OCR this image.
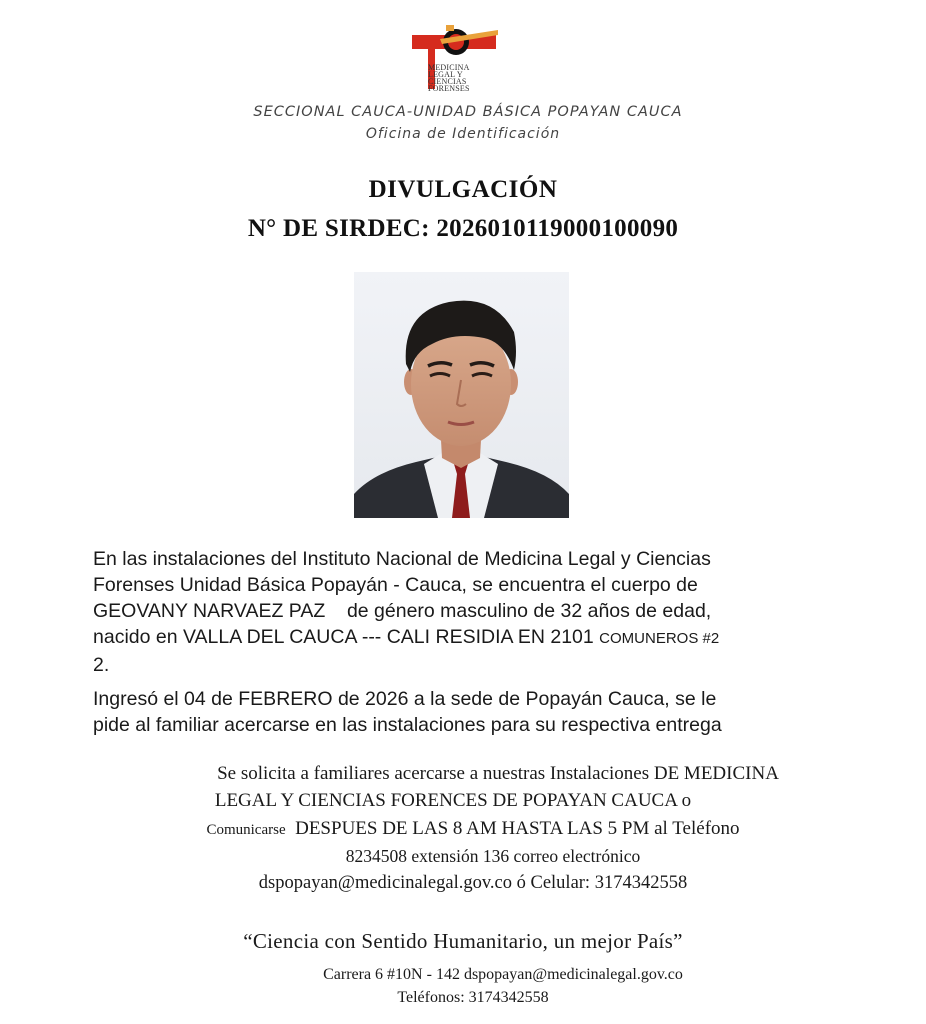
MEDICINA
LEGAL Y
CIENCIAS
FORENSES
SECCIONAL CAUCA-UNIDAD BÁSICA POPAYAN CAUCA
Oficina de Identificación
DIVULGACIÓN
N° DE SIRDEC: 2026010119000100090
En las instalaciones del Instituto Nacional de Medicina Legal y Ciencias
Forenses Unidad Básica Popayán - Cauca, se encuentra el cuerpo de
GEOVANY NARVAEZ PAZ de género masculino de 32 años de edad,
nacido en VALLA DEL CAUCA --- CALI RESIDIA EN 2101 COMUNEROS #2
2.
Ingresó el 04 de FEBRERO de 2026 a la sede de Popayán Cauca, se le
pide al familiar acercarse en las instalaciones para su respectiva entrega
Se solicita a familiares acercarse a nuestras Instalaciones DE MEDICINA
LEGAL Y CIENCIAS FORENCES DE POPAYAN CAUCA o
Comunicarse DESPUES DE LAS 8 AM HASTA LAS 5 PM al Teléfono
8234508 extensión 136 correo electrónico
dspopayan@medicinalegal.gov.co ó Celular: 3174342558
“Ciencia con Sentido Humanitario, un mejor País”
Carrera 6 #10N - 142 dspopayan@medicinalegal.gov.co
Teléfonos: 3174342558
